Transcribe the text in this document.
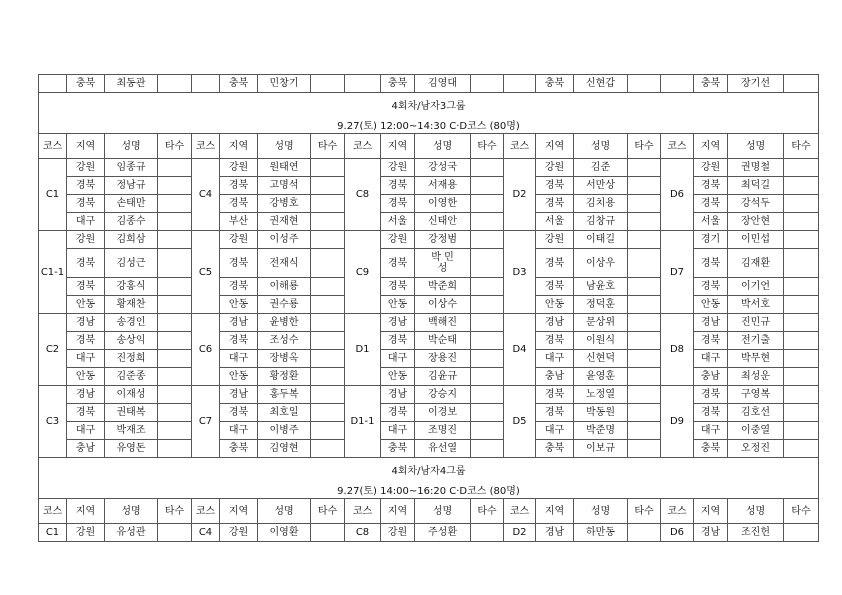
	충북	최동관			충북	민창기			충북	김영대			충북	신현갑			충북	장기선	
4회차/남자3그룹																			
9.27(토) 12:00~14:30 C·D코스 (80명)																			
코스	지역	성명	타수	코스	지역	성명	타수	코스	지역	성명	타수	코스	지역	성명	타수	코스	지역	성명	타수
C1	강원	임종규		C4	강원	원태연		C8	강원	강성국		D2	강원	김준		D6	강원	권명철	
	경북	정남규			경북	고명석			경북	서재용			경북	서만상			경북	최덕길	
	경북	손태만			경북	강병호			경북	이영한			경북	김치용			경북	강석두	
	대구	김종수			부산	권재현			서울	신태안			서울	김창규			서울	장안현	
C1-1	강원	김희삼		C5	강원	이성주		C9	강원	강정범		D3	강원	이태길		D7	경기	이민섭	
	경북	김성근			경북	전재식			경북	박 민성			경북	이상우			경북	김재환	
	경북	강홍식			경북	이해룡			경북	박준희			경북	남윤호			경북	이기언	
	안동	황재찬			안동	권수룡			안동	이상수			안동	정덕훈			안동	박서호	
C2	경남	송경인		C6	경남	윤병한		D1	경남	백해진		D4	경남	문상위		D8	경남	진민규	
	경북	송상익			경북	조성수			경북	박순태			경북	이원식			경북	전기출	
	대구	진정희			대구	장병옥			대구	장용진			대구	신현덕			대구	박무현	
	안동	김준종			안동	황정환			안동	김윤규			충남	윤영훈			충남	최성운	
C3	경남	이재성		C7	경남	홍두복		D1-1	경남	강승지		D5	경북	노정열		D9	경북	구영복	
	경북	권태복			경북	최호일			경북	이경보			경북	박동원			경북	김호선	
	대구	박재조			대구	이병주			대구	조명진			대구	박준명			대구	이중열	
	충남	유영돈			충북	김영현			충북	유선열			충북	이보규			충북	오정진	
4회차/남자4그룹																			
9.27(토) 14:00~16:20 C·D코스 (80명)																			
코스	지역	성명	타수	코스	지역	성명	타수	코스	지역	성명	타수	코스	지역	성명	타수	코스	지역	성명	타수
C1	강원	유성관		C4	강원	이영환		C8	강원	주성환		D2	경남	하만동		D6	경남	조진헌	
